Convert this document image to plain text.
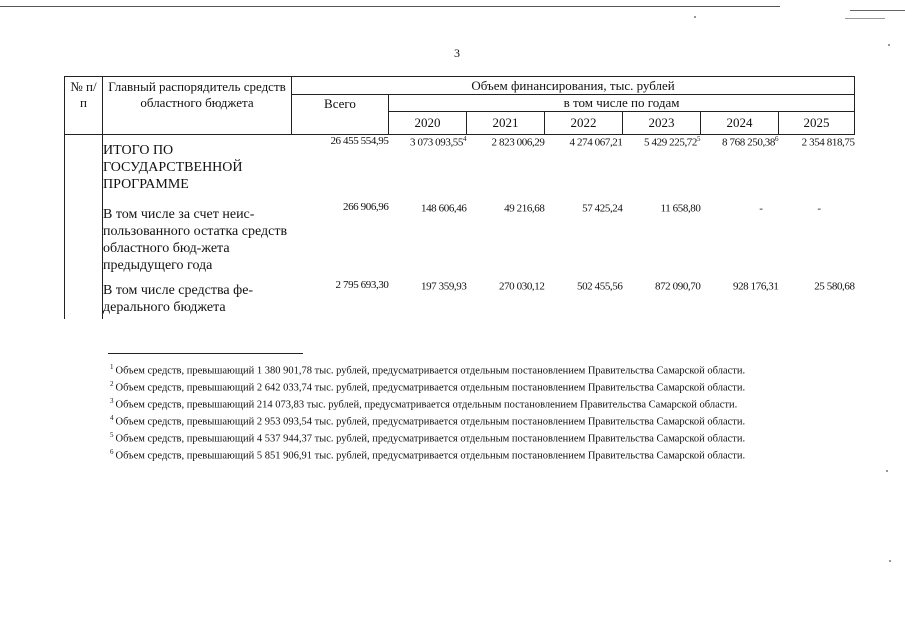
3
№ п/п	Главный распорядитель средств областного бюджета	Объем финансирования, тыс. рублей						
		Всего	в том числе по годам					
			2020	2021	2022	2023	2024	2025
	ИТОГО ПО ГОСУДАРСТВЕННОЙ ПРОГРАММЕ	26 455 554,95	3 073 093,55$^4$	2 823 006,29	4 274 067,21	5 429 225,72$^5$	8 768 250,38$^6$	2 354 818,75
	В том числе за счет неис-пользованного остатка средств областного бюд-жета предыдущего года	266 906,96	148 606,46	49 216,68	57 425,24	11 658,80	-	-
	В том числе средства фе-дерального бюджета	2 795 693,30	197 359,93	270 030,12	502 455,56	872 090,70	928 176,31	25 580,68

$^1$ Объем средств, превышающий 1 380 901,78 тыс. рублей, предусматривается отдельным постановлением Правительства Самарской области.

$^2$ Объем средств, превышающий 2 642 033,74 тыс. рублей, предусматривается отдельным постановлением Правительства Самарской области.

$^3$ Объем средств, превышающий 214 073,83 тыс. рублей, предусматривается отдельным постановлением Правительства Самарской области.

$^4$ Объем средств, превышающий 2 953 093,54 тыс. рублей, предусматривается отдельным постановлением Правительства Самарской области.

$^5$ Объем средств, превышающий 4 537 944,37 тыс. рублей, предусматривается отдельным постановлением Правительства Самарской области.

$^6$ Объем средств, превышающий 5 851 906,91 тыс. рублей, предусматривается отдельным постановлением Правительства Самарской области.
